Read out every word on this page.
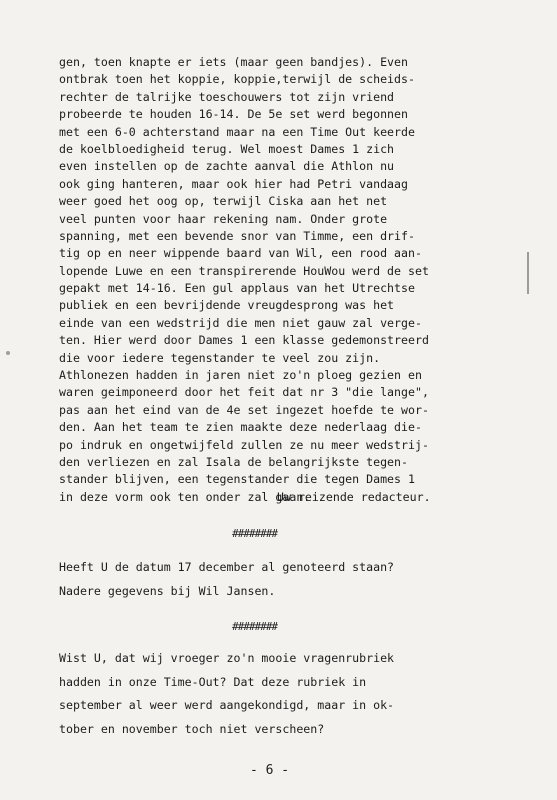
gen, toen knapte er iets (maar geen bandjes). Even
ontbrak toen het koppie, koppie,terwijl de scheids-
rechter de talrijke toeschouwers tot zijn vriend
probeerde te houden 16-14. De 5e set werd begonnen
met een 6-0 achterstand maar na een Time Out keerde
de koelbloedigheid terug. Wel moest Dames 1 zich
even instellen op de zachte aanval die Athlon nu
ook ging hanteren, maar ook hier had Petri vandaag
weer goed het oog op, terwijl Ciska aan het net
veel punten voor haar rekening nam. Onder grote
spanning, met een bevende snor van Timme, een drif-
tig op en neer wippende baard van Wil, een rood aan-
lopende Luwe en een transpirerende HouWou werd de set
gepakt met 14-16. Een gul applaus van het Utrechtse
publiek en een bevrijdende vreugdesprong was het
einde van een wedstrijd die men niet gauw zal verge-
ten. Hier werd door Dames 1 een klasse gedemonstreerd
die voor iedere tegenstander te veel zou zijn.
Athlonezen hadden in jaren niet zo'n ploeg gezien en
waren geimponeerd door het feit dat nr 3 "die lange",
pas aan het eind van de 4e set ingezet hoefde te wor-
den. Aan het team te zien maakte deze nederlaag die-
po indruk en ongetwijfeld zullen ze nu meer wedstrij-
den verliezen en zal Isala de belangrijkste tegen-
stander blijven, een tegenstander die tegen Dames 1
in deze vorm ook ten onder zal gaan.
Uw reizende redacteur.
########
Heeft U de datum 17 december al genoteerd staan?
Nadere gegevens bij Wil Jansen.
########
Wist U, dat wij vroeger zo'n mooie vragenrubriek
hadden in onze Time-Out? Dat deze rubriek in
september al weer werd aangekondigd, maar in ok-
tober en november toch niet verscheen?
- 6 -
